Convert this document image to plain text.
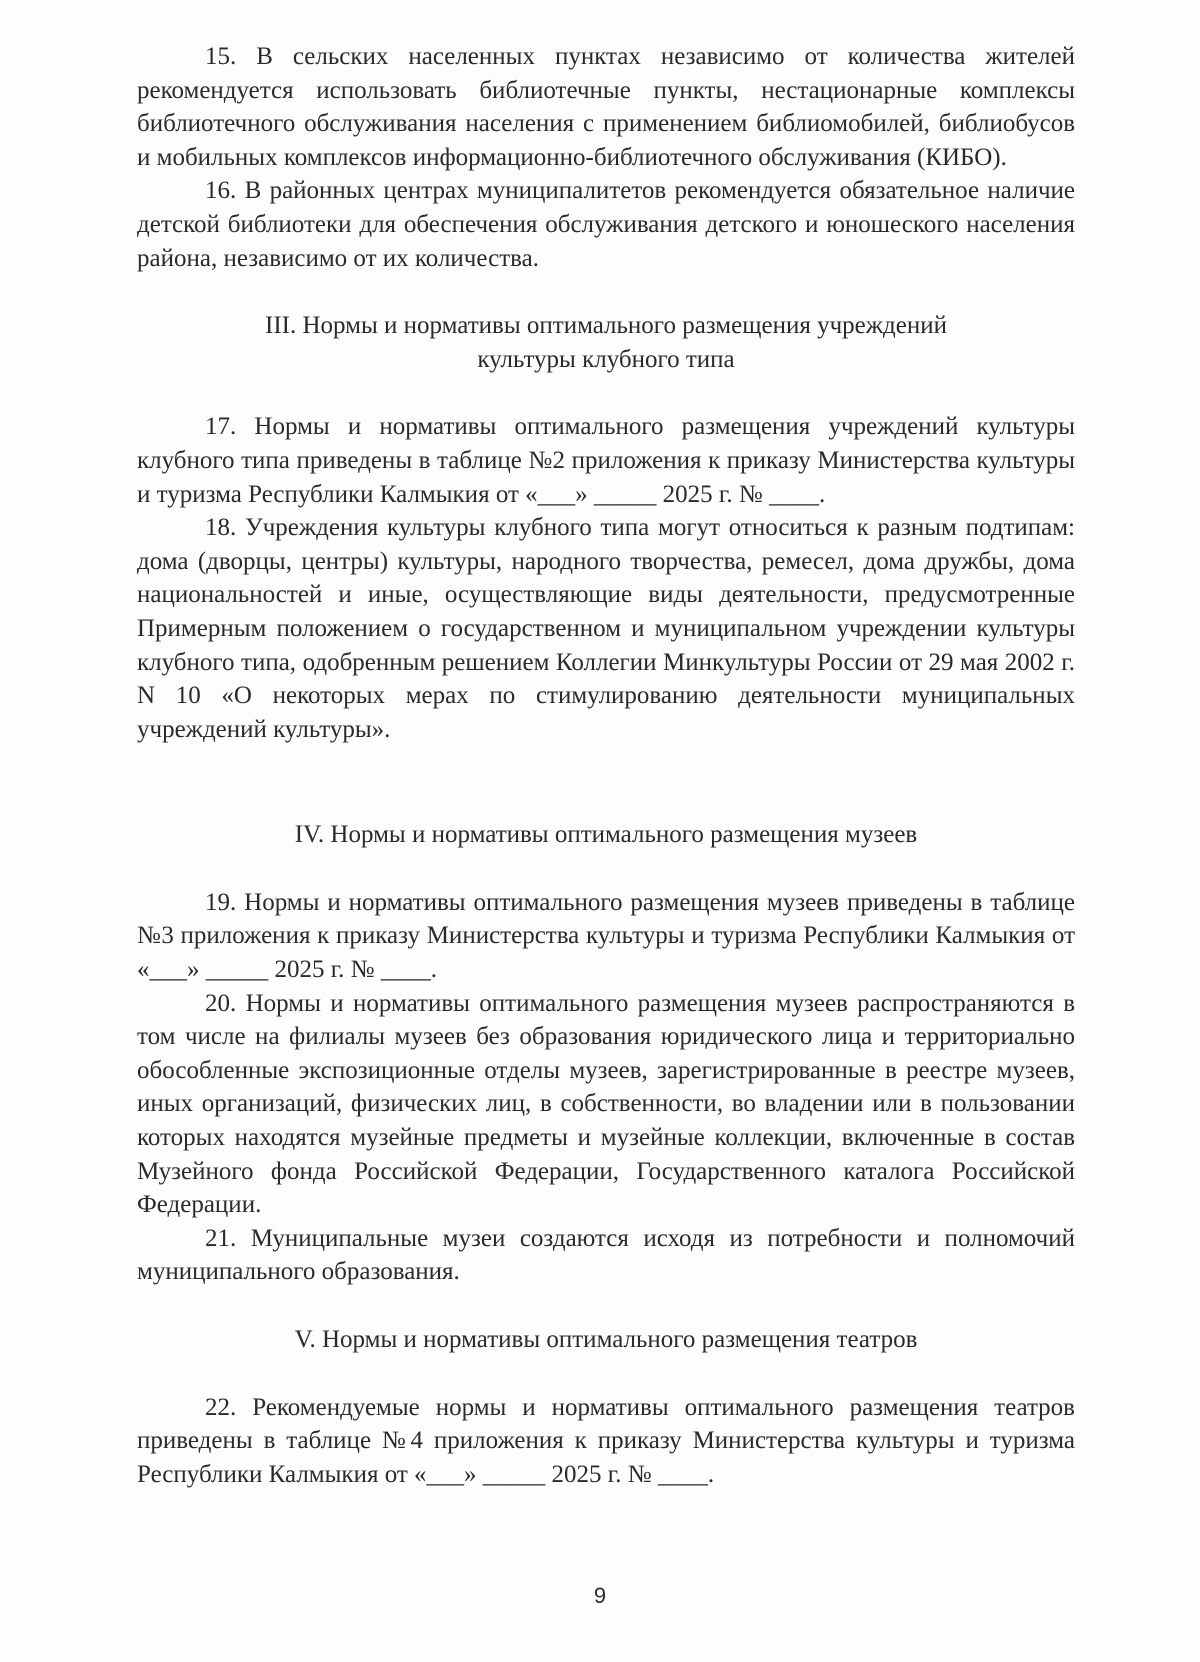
15. В сельских населенных пунктах независимо от количества жителей рекомендуется использовать библиотечные пункты, нестационарные комплексы библиотечного обслуживания населения с применением библиомобилей, библиобусов и мобильных комплексов информационно-библиотечного обслуживания (КИБО).

16. В районных центрах муниципалитетов рекомендуется обязательное наличие детской библиотеки для обеспечения обслуживания детского и юношеского населения района, независимо от их количества.

III. Нормы и нормативы оптимального размещения учреждений
культуры клубного типа

17. Нормы и нормативы оптимального размещения учреждений культуры клубного типа приведены в таблице №2 приложения к приказу Министерства культуры и туризма Республики Калмыкия от «___» _____ 2025 г. № ____.

18. Учреждения культуры клубного типа могут относиться к разным подтипам: дома (дворцы, центры) культуры, народного творчества, ремесел, дома дружбы, дома национальностей и иные, осуществляющие виды деятельности, предусмотренные Примерным положением о государственном и муниципальном учреждении культуры клубного типа, одобренным решением Коллегии Минкультуры России от 29 мая 2002 г. N 10 «О некоторых мерах по стимулированию деятельности муниципальных учреждений культуры».

IV. Нормы и нормативы оптимального размещения музеев

19. Нормы и нормативы оптимального размещения музеев приведены в таблице №3 приложения к приказу Министерства культуры и туризма Республики Калмыкия от «___» _____ 2025 г. № ____.

20. Нормы и нормативы оптимального размещения музеев распространяются в том числе на филиалы музеев без образования юридического лица и территориально обособленные экспозиционные отделы музеев, зарегистрированные в реестре музеев, иных организаций, физических лиц, в собственности, во владении или в пользовании которых находятся музейные предметы и музейные коллекции, включенные в состав Музейного фонда Российской Федерации, Государственного каталога Российской Федерации.

21. Муниципальные музеи создаются исходя из потребности и полномочий муниципального образования.

V. Нормы и нормативы оптимального размещения театров

22. Рекомендуемые нормы и нормативы оптимального размещения театров приведены в таблице №4 приложения к приказу Министерства культуры и туризма Республики Калмыкия от «___» _____ 2025 г. № ____.

9
